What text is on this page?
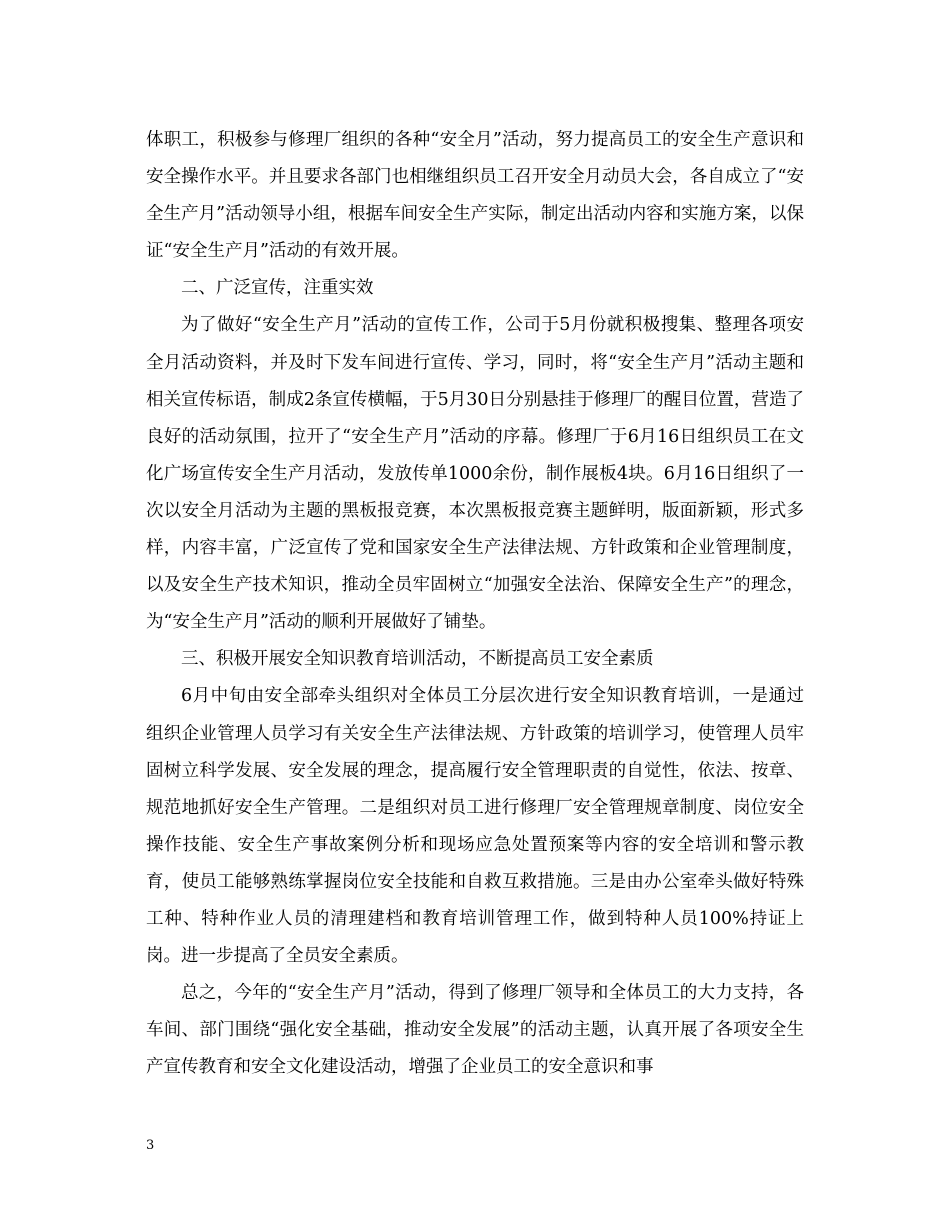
体职工，积极参与修理厂组织的各种“安全月”活动，努力提高员工的安全生产意识和安全操作水平。并且要求各部门也相继组织员工召开安全月动员大会，各自成立了“安全生产月”活动领导小组，根据车间安全生产实际，制定出活动内容和实施方案，以保证“安全生产月”活动的有效开展。

二、广泛宣传，注重实效

为了做好“安全生产月”活动的宣传工作，公司于5月份就积极搜集、整理各项安全月活动资料，并及时下发车间进行宣传、学习，同时，将“安全生产月”活动主题和相关宣传标语，制成2条宣传横幅，于5月30日分别悬挂于修理厂的醒目位置，营造了良好的活动氛围，拉开了“安全生产月”活动的序幕。修理厂于6月16日组织员工在文化广场宣传安全生产月活动，发放传单1000余份，制作展板4块。6月16日组织了一次以安全月活动为主题的黑板报竞赛，本次黑板报竞赛主题鲜明，版面新颖，形式多样，内容丰富，广泛宣传了党和国家安全生产法律法规、方针政策和企业管理制度，以及安全生产技术知识，推动全员牢固树立“加强安全法治、保障安全生产”的理念，为“安全生产月”活动的顺利开展做好了铺垫。

三、积极开展安全知识教育培训活动，不断提高员工安全素质

6月中旬由安全部牵头组织对全体员工分层次进行安全知识教育培训，一是通过组织企业管理人员学习有关安全生产法律法规、方针政策的培训学习，使管理人员牢固树立科学发展、安全发展的理念，提高履行安全管理职责的自觉性，依法、按章、规范地抓好安全生产管理。二是组织对员工进行修理厂安全管理规章制度、岗位安全操作技能、安全生产事故案例分析和现场应急处置预案等内容的安全培训和警示教育，使员工能够熟练掌握岗位安全技能和自救互救措施。三是由办公室牵头做好特殊工种、特种作业人员的清理建档和教育培训管理工作，做到特种人员100%持证上岗。进一步提高了全员安全素质。

总之，今年的“安全生产月”活动，得到了修理厂领导和全体员工的大力支持，各车间、部门围绕“强化安全基础，推动安全发展”的活动主题，认真开展了各项安全生产宣传教育和安全文化建设活动，增强了企业员工的安全意识和事

3
